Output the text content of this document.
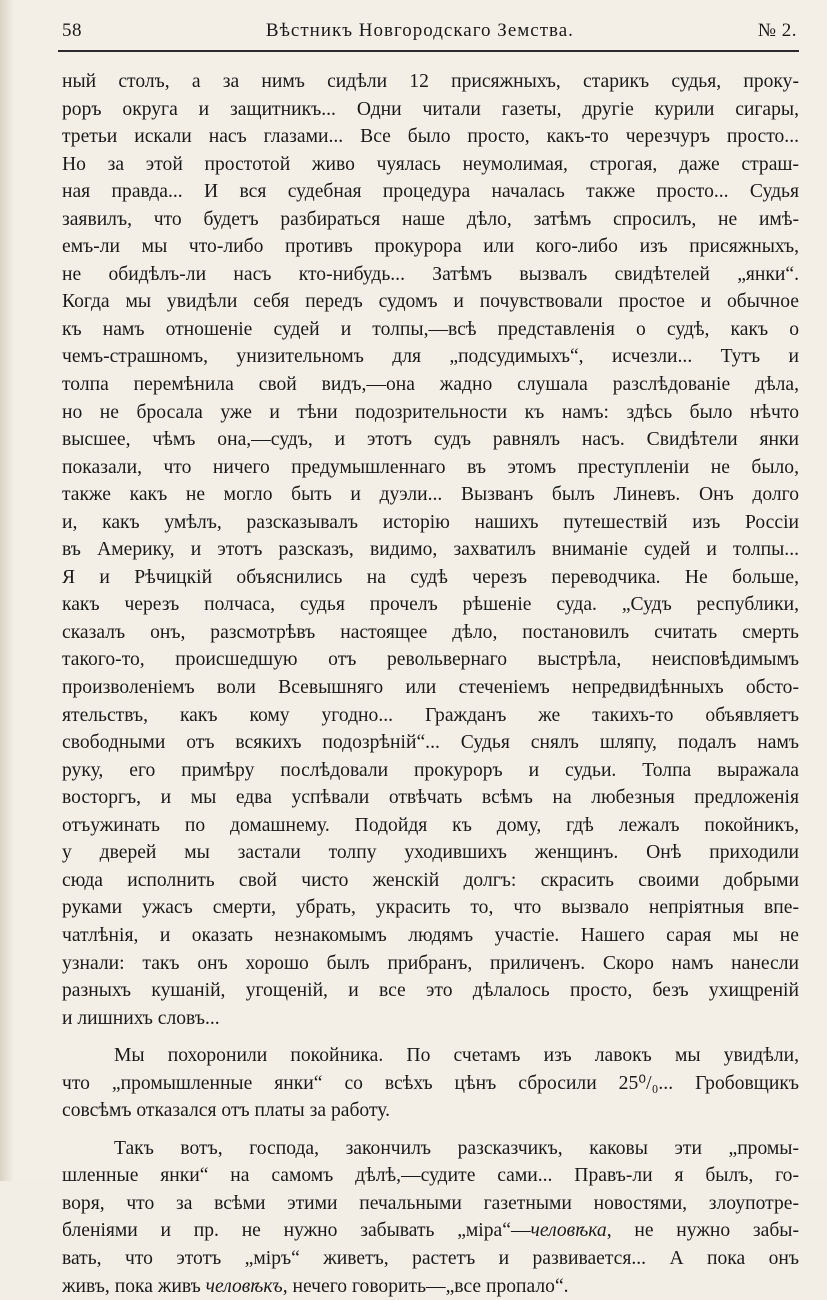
58	Вѣстникъ Новгородскаго Земства.	№ 2.
ный столъ, а за нимъ сидѣли 12 присяжныхъ, старикъ судья, проку-
роръ округа и защитникъ... Одни читали газеты, другіе курили сигары,
третьи искали насъ глазами... Все было просто, какъ-то черезчуръ просто...
Но за этой простотой живо чуялась неумолимая, строгая, даже страш-
ная правда... И вся судебная процедура началась также просто... Судья
заявилъ, что будетъ разбираться наше дѣло, затѣмъ спросилъ, не имѣ-
емъ-ли мы что-либо противъ прокурора или кого-либо изъ присяжныхъ,
не обидѣлъ-ли насъ кто-нибудь... Затѣмъ вызвалъ свидѣтелей „янки“.
Когда мы увидѣли себя передъ судомъ и почувствовали простое и обычное
къ намъ отношеніе судей и толпы,—всѣ представленія о судѣ, какъ о
чемъ-страшномъ, унизительномъ для „подсудимыхъ“, исчезли... Тутъ и
толпа перемѣнила свой видъ,—она жадно слушала разслѣдованіе дѣла,
но не бросала уже и тѣни подозрительности къ намъ: здѣсь было нѣчто
высшее, чѣмъ она,—судъ, и этотъ судъ равнялъ насъ. Свидѣтели янки
показали, что ничего предумышленнаго въ этомъ преступленіи не было,
также какъ не могло быть и дуэли... Вызванъ былъ Линевъ. Онъ долго
и, какъ умѣлъ, разсказывалъ исторію нашихъ путешествій изъ Россіи
въ Америку, и этотъ разсказъ, видимо, захватилъ вниманіе судей и толпы...
Я и Рѣчицкій объяснились на судѣ черезъ переводчика. Не больше,
какъ черезъ полчаса, судья прочелъ рѣшеніе суда. „Судъ республики,
сказалъ онъ, разсмотрѣвъ настоящее дѣло, постановилъ считать смерть
такого-то, происшедшую отъ револьвернаго выстрѣла, неисповѣдимымъ
произволеніемъ воли Всевышняго или стеченіемъ непредвидѣнныхъ обсто-
ятельствъ, какъ кому угодно... Гражданъ же такихъ-то объявляетъ
свободными отъ всякихъ подозрѣній“... Судья снялъ шляпу, подалъ намъ
руку, его примѣру послѣдовали прокуроръ и судьи. Толпа выражала
восторгъ, и мы едва успѣвали отвѣчать всѣмъ на любезныя предложенія
отъужинать по домашнему. Подойдя къ дому, гдѣ лежалъ покойникъ,
у дверей мы застали толпу уходившихъ женщинъ. Онѣ приходили
сюда исполнить свой чисто женскій долгъ: скрасить своими добрыми
руками ужасъ смерти, убрать, украсить то, что вызвало непріятныя впе-
чатлѣнія, и оказать незнакомымъ людямъ участіе. Нашего сарая мы не
узнали: такъ онъ хорошо былъ прибранъ, приличенъ. Скоро намъ нанесли
разныхъ кушаній, угощеній, и все это дѣлалось просто, безъ ухищреній
и лишнихъ словъ...
Мы похоронили покойника. По счетамъ изъ лавокъ мы увидѣли,
что „промышленные янки“ со всѣхъ цѣнъ сбросили 25⁰/₀... Гробовщикъ
совсѣмъ отказался отъ платы за работу.
Такъ вотъ, господа, закончилъ разсказчикъ, каковы эти „промы-
шленные янки“ на самомъ дѣлѣ,—судите сами... Правъ-ли я былъ, го-
воря, что за всѣми этими печальными газетными новостями, злоупотре-
бленіями и пр. не нужно забывать „міра“—человѣка, не нужно забы-
вать, что этотъ „міръ“ живетъ, растетъ и развивается... А пока онъ
живъ, пока живъ человѣкъ, нечего говорить—„все пропало“.
